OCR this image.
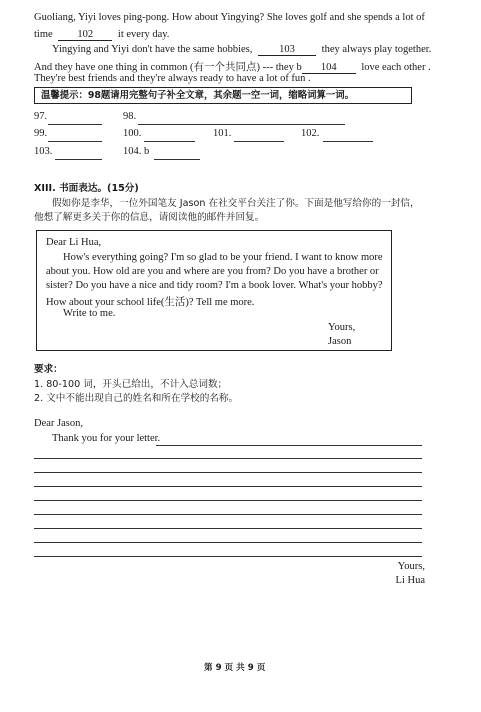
Guoliang, Yiyi loves ping-pong. How about Yingying? She loves golf and she spends a lot of
time 102 it every day.
Yingying and Yiyi don't have the same hobbies,	103	they always play together.
And they have one thing in common (有一个共同点) --- they b 104 love each other .
They're best friends and they're always ready to have a lot of fun .
温馨提示：98题请用完整句子补全文章，其余题一空一词，缩略词算一词。
97.	98.
99.	100.	101.	102.
103.	104. b
XIII. 书面表达。(15分)
假如你是李华，一位外国笔友 Jason 在社交平台关注了你。下面是他写给你的一封信，
他想了解更多关于你的信息，请阅读他的邮件并回复。
Dear Li Hua,
How's everything going? I'm so glad to be your friend. I want to know more
about you. How old are you and where are you from? Do you have a brother or
sister? Do you have a nice and tidy room? I'm a book lover. What's your hobby?
How about your school life(生活)? Tell me more.
Write to me.
Yours,
Jason
要求：
1. 80-100 词，开头已给出，不计入总词数；
2. 文中不能出现自己的姓名和所在学校的名称。
Dear Jason,
Thank you for your letter.
Yours,
Li Hua
第 9 页 共 9 页
